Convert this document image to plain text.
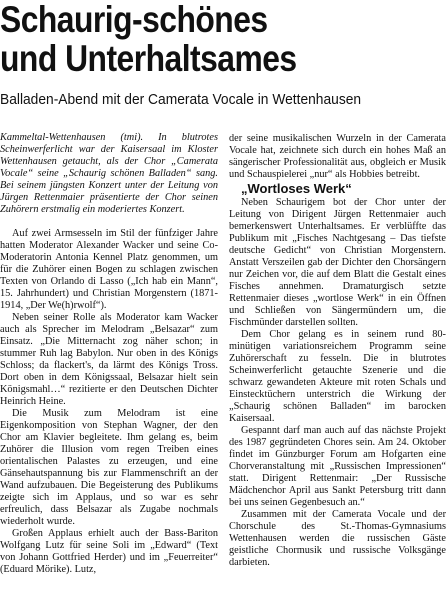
Schaurig-schönes
und Unterhaltsames
Balladen-Abend mit der Camerata Vocale in Wettenhausen

Kammeltal-Wettenhausen (tmi). In blutrotes Scheinwerferlicht war der Kaisersaal im Kloster Wettenhausen getaucht, als der Chor „Camerata Vocale“ seine „Schaurig schönen Balladen“ sang. Bei seinem jüngsten Konzert unter der Leitung von Jürgen Rettenmaier präsentierte der Chor seinen Zuhörern erstmalig ein moderiertes Konzert.

Auf zwei Armsesseln im Stil der fünfziger Jahre hatten Moderator Alexander Wacker und seine Co-Moderatorin Antonia Kennel Platz genommen, um für die Zuhörer einen Bogen zu schlagen zwischen Texten von Orlando di Lasso („Ich hab ein Mann“, 15. Jahrhundert) und Christian Morgenstern (1871-1914, „Der We(h)rwolf“).

Neben seiner Rolle als Moderator kam Wacker auch als Sprecher im Melodram „Belsazar“ zum Einsatz. „Die Mitternacht zog näher schon; in stummer Ruh lag Babylon. Nur oben in des Königs Schloss; da flackert's, da lärmt des Königs Tross. Dort oben in dem Königssaal, Belsazar hielt sein Königsmahl…“ rezitierte er den Deutschen Dichter Heinrich Heine.

Die Musik zum Melodram ist eine Eigenkomposition von Stephan Wagner, der den Chor am Klavier begleitete. Ihm gelang es, beim Zuhörer die Illusion vom regen Treiben eines orientalischen Palastes zu erzeugen, und eine Gänsehautspannung bis zur Flammenschrift an der Wand aufzubauen. Die Begeisterung des Publikums zeigte sich im Applaus, und so war es sehr erfreulich, dass Belsazar als Zugabe nochmals wiederholt wurde.

Großen Applaus erhielt auch der Bass-Bariton Wolfgang Lutz für seine Soli im „Edward“ (Text von Johann Gottfried Herder) und im „Feuerreiter“ (Eduard Mörike). Lutz,

der seine musikalischen Wurzeln in der Camerata Vocale hat, zeichnete sich durch ein hohes Maß an sängerischer Professionalität aus, obgleich er Musik und Schauspielerei „nur“ als Hobbies betreibt.

„Wortloses Werk“

Neben Schaurigem bot der Chor unter der Leitung von Dirigent Jürgen Rettenmaier auch bemerkenswert Unterhaltsames. Er verblüffte das Publikum mit „Fisches Nachtgesang – Das tiefste deutsche Gedicht“ von Christian Morgenstern. Anstatt Verszeilen gab der Dichter den Chorsängern nur Zeichen vor, die auf dem Blatt die Gestalt eines Fisches annehmen. Dramaturgisch setzte Rettenmaier dieses „wortlose Werk“ in ein Öffnen und Schließen von Sängermündern um, die Fischmünder darstellen sollten.

Dem Chor gelang es in seinem rund 80-minütigen variationsreichem Programm seine Zuhörerschaft zu fesseln. Die in blutrotes Scheinwerferlicht getauchte Szenerie und die schwarz gewandeten Akteure mit roten Schals und Einstecktüchern unterstrich die Wirkung der „Schaurig schönen Balladen“ im barocken Kaisersaal.

Gespannt darf man auch auf das nächste Projekt des 1987 gegründeten Chores sein. Am 24. Oktober findet im Günzburger Forum am Hofgarten eine Chorveranstaltung mit „Russischen Impressionen“ statt. Dirigent Rettenmair: „Der Russische Mädchenchor April aus Sankt Petersburg tritt dann bei uns seinen Gegenbesuch an.“

Zusammen mit der Camerata Vocale und der Chorschule des St.-Thomas-Gymnasiums Wettenhausen werden die russischen Gäste geistliche Chormusik und russische Volksgänge darbieten.
